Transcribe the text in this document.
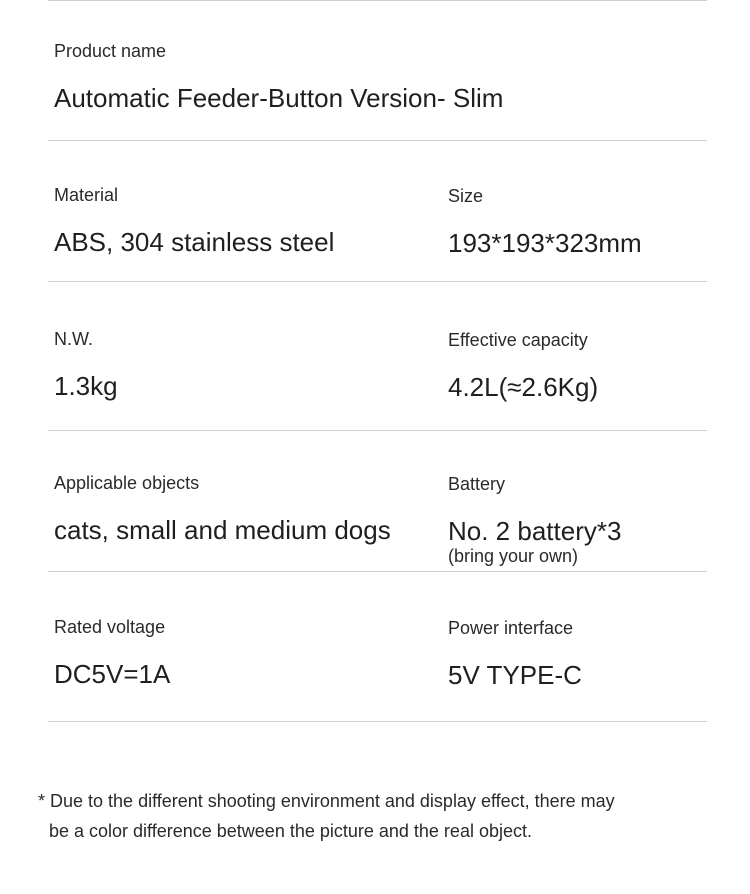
Product name
Automatic Feeder-Button Version- Slim
Material
ABS, 304 stainless steel
Size
193*193*323mm
N.W.
1.3kg
Effective capacity
4.2L(≈2.6Kg)
Applicable objects
cats, small and medium dogs
Battery
No. 2 battery*3
(bring your own)
Rated voltage
DC5V=1A
Power interface
5V TYPE-C
* Due to the different shooting environment and display effect, there may
be a color difference between the picture and the real object.
